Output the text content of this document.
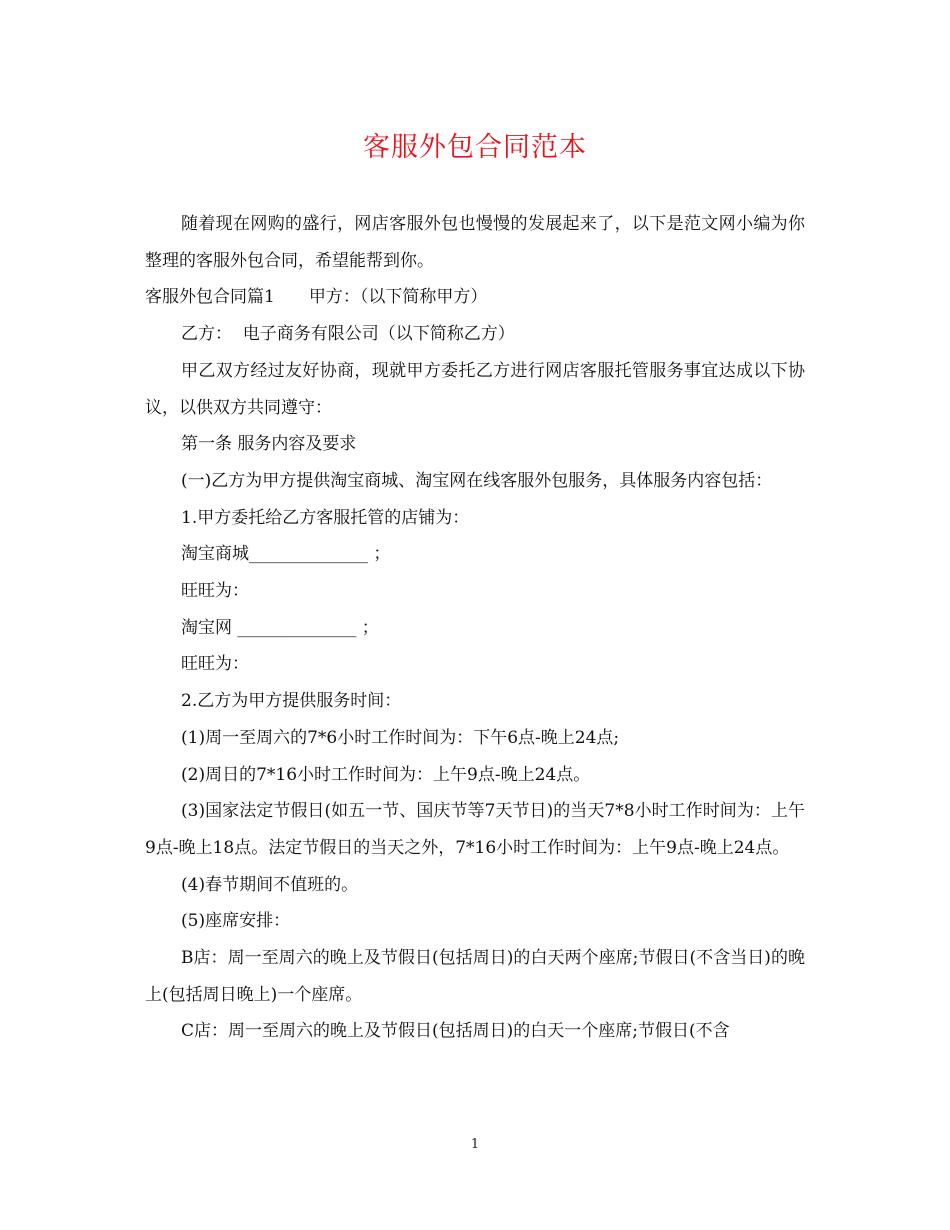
客服外包合同范本

随着现在网购的盛行，网店客服外包也慢慢的发展起来了，以下是范文网小编为你整理的客服外包合同，希望能帮到你。

客服外包合同篇1　　甲方：（以下简称甲方）

乙方：  电子商务有限公司（以下简称乙方）

甲乙双方经过友好协商，现就甲方委托乙方进行网店客服托管服务事宜达成以下协议，以供双方共同遵守：

第一条 服务内容及要求

(一)乙方为甲方提供淘宝商城、淘宝网在线客服外包服务，具体服务内容包括：

1.甲方委托给乙方客服托管的店铺为：

淘宝商城______________ ；

旺旺为：

淘宝网 ______________ ；

旺旺为：

2.乙方为甲方提供服务时间：

(1)周一至周六的7*6小时工作时间为：下午6点-晚上24点;

(2)周日的7*16小时工作时间为：上午9点-晚上24点。

(3)国家法定节假日(如五一节、国庆节等7天节日)的当天7*8小时工作时间为：上午9点-晚上18点。法定节假日的当天之外，7*16小时工作时间为：上午9点-晚上24点。

(4)春节期间不值班的。

(5)座席安排：

B店：周一至周六的晚上及节假日(包括周日)的白天两个座席;节假日(不含当日)的晚上(包括周日晚上)一个座席。

C店：周一至周六的晚上及节假日(包括周日)的白天一个座席;节假日(不含

1
